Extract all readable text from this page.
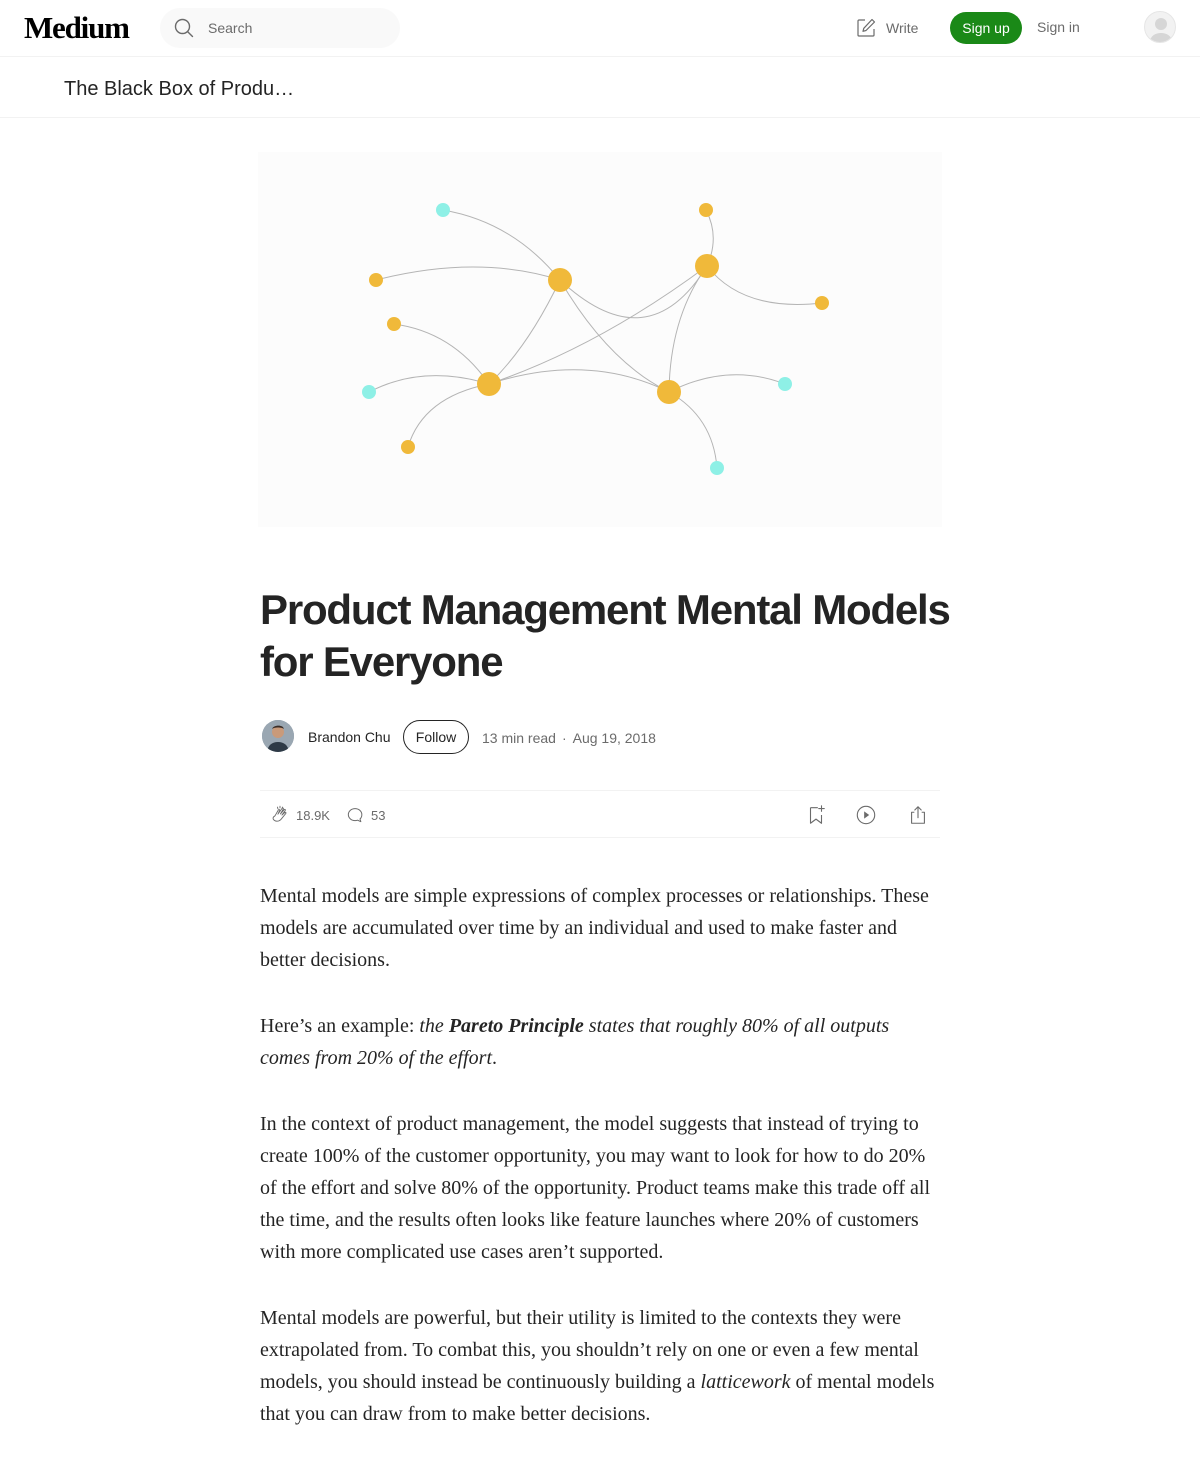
Medium
Search	Write	Sign up	Sign in
The Black Box of Produ…
Product Management Mental Models for Everyone
Brandon Chu	Follow	13 min read · Aug 19, 2018
18.9K	53

Mental models are simple expressions of complex processes or relationships. These models are accumulated over time by an individual and used to make faster and better decisions.

Here’s an example: the Pareto Principle states that roughly 80% of all outputs comes from 20% of the effort.

In the context of product management, the model suggests that instead of trying to create 100% of the customer opportunity, you may want to look for how to do 20% of the effort and solve 80% of the opportunity. Product teams make this trade off all the time, and the results often looks like feature launches where 20% of customers with more complicated use cases aren’t supported.

Mental models are powerful, but their utility is limited to the contexts they were extrapolated from. To combat this, you shouldn’t rely on one or even a few mental models, you should instead be continuously building a latticework of mental models that you can draw from to make better decisions.
